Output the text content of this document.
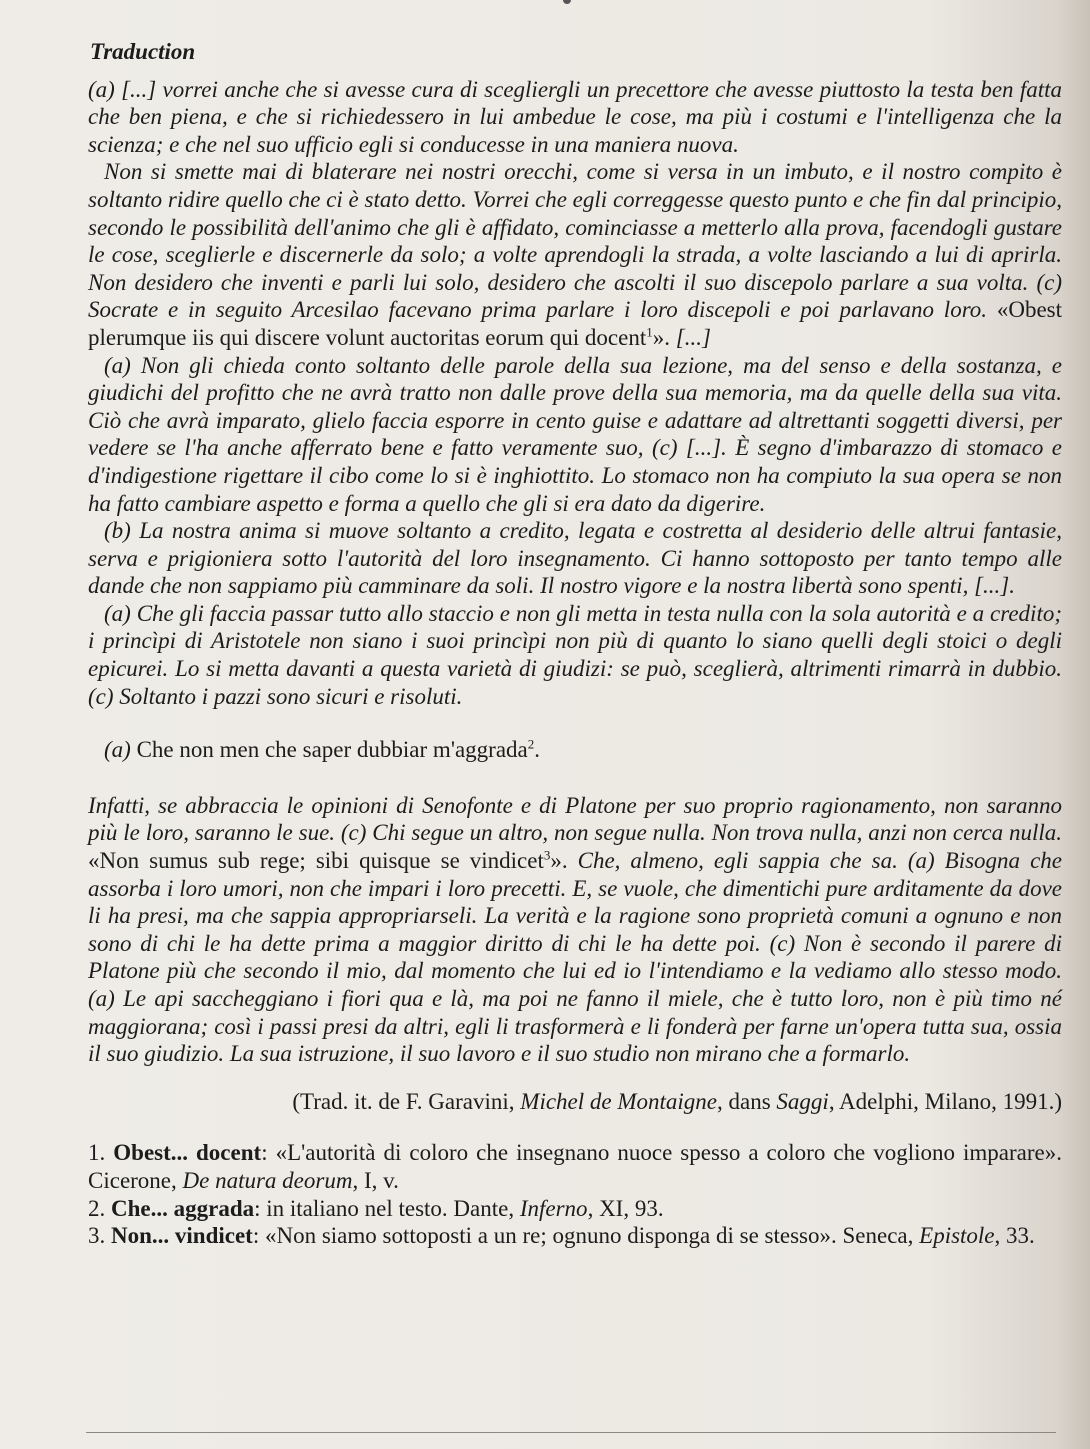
Traduction

(a) [...] vorrei anche che si avesse cura di scegliergli un precettore che avesse piuttosto la testa ben fatta che ben piena, e che si richiedessero in lui ambedue le cose, ma più i costumi e l'intelligenza che la scienza; e che nel suo ufficio egli si conducesse in una maniera nuova.

Non si smette mai di blaterare nei nostri orecchi, come si versa in un imbuto, e il nostro compito è soltanto ridire quello che ci è stato detto. Vorrei che egli correggesse questo punto e che fin dal principio, secondo le possibilità dell'animo che gli è affidato, cominciasse a metterlo alla prova, facendogli gustare le cose, sceglierle e discernerle da solo; a volte aprendogli la strada, a volte lasciando a lui di aprirla. Non desidero che inventi e parli lui solo, desidero che ascolti il suo discepolo parlare a sua volta. (c) Socrate e in seguito Arcesilao facevano prima parlare i loro discepoli e poi parlavano loro. «Obest plerumque iis qui discere volunt auctoritas eorum qui docent$^1$». [...]

(a) Non gli chieda conto soltanto delle parole della sua lezione, ma del senso e della sostanza, e giudichi del profitto che ne avrà tratto non dalle prove della sua memoria, ma da quelle della sua vita. Ciò che avrà imparato, glielo faccia esporre in cento guise e adattare ad altrettanti soggetti diversi, per vedere se l'ha anche afferrato bene e fatto veramente suo, (c) [...]. È segno d'imbarazzo di stomaco e d'indigestione rigettare il cibo come lo si è inghiottito. Lo stomaco non ha compiuto la sua opera se non ha fatto cambiare aspetto e forma a quello che gli si era dato da digerire.

(b) La nostra anima si muove soltanto a credito, legata e costretta al desiderio delle altrui fantasie, serva e prigioniera sotto l'autorità del loro insegnamento. Ci hanno sottoposto per tanto tempo alle dande che non sappiamo più camminare da soli. Il nostro vigore e la nostra libertà sono spenti, [...].

(a) Che gli faccia passar tutto allo staccio e non gli metta in testa nulla con la sola autorità e a credito; i princìpi di Aristotele non siano i suoi princìpi non più di quanto lo siano quelli degli stoici o degli epicurei. Lo si metta davanti a questa varietà di giudizi: se può, sceglierà, altrimenti rimarrà in dubbio. (c) Soltanto i pazzi sono sicuri e risoluti.

(a) Che non men che saper dubbiar m'aggrada$^2$.

Infatti, se abbraccia le opinioni di Senofonte e di Platone per suo proprio ragionamento, non saranno più le loro, saranno le sue. (c) Chi segue un altro, non segue nulla. Non trova nulla, anzi non cerca nulla. «Non sumus sub rege; sibi quisque se vindicet$^3$». Che, almeno, egli sappia che sa. (a) Bisogna che assorba i loro umori, non che impari i loro precetti. E, se vuole, che dimentichi pure arditamente da dove li ha presi, ma che sappia appropriarseli. La verità e la ragione sono proprietà comuni a ognuno e non sono di chi le ha dette prima a maggior diritto di chi le ha dette poi. (c) Non è secondo il parere di Platone più che secondo il mio, dal momento che lui ed io l'intendiamo e la vediamo allo stesso modo. (a) Le api saccheggiano i fiori qua e là, ma poi ne fanno il miele, che è tutto loro, non è più timo né maggiorana; così i passi presi da altri, egli li trasformerà e li fonderà per farne un'opera tutta sua, ossia il suo giudizio. La sua istruzione, il suo lavoro e il suo studio non mirano che a formarlo.

(Trad. it. de F. Garavini, Michel de Montaigne, dans Saggi, Adelphi, Milano, 1991.)

1. Obest... docent: «L'autorità di coloro che insegnano nuoce spesso a coloro che vogliono imparare». Cicerone, De natura deorum, I, v.

2. Che... aggrada: in italiano nel testo. Dante, Inferno, XI, 93.

3. Non... vindicet: «Non siamo sottoposti a un re; ognuno disponga di se stesso». Seneca, Epistole, 33.
